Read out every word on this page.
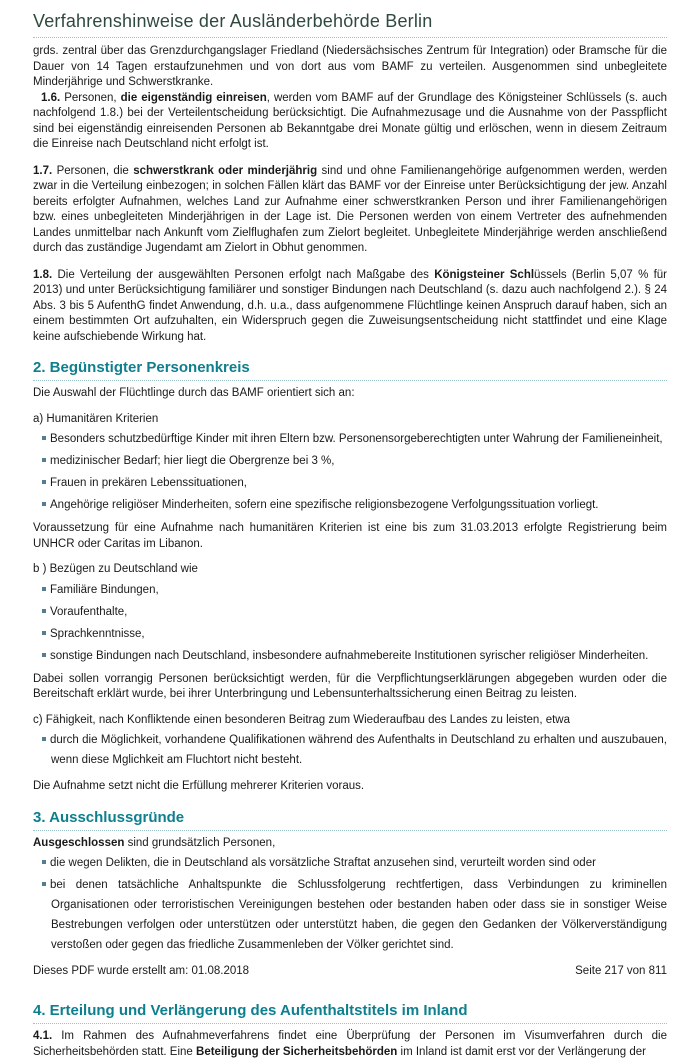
Verfahrenshinweise der Ausländerbehörde Berlin

grds. zentral über das Grenzdurchgangslager Friedland (Niedersächsisches Zentrum für Integration) oder Bramsche für die Dauer von 14 Tagen erstaufzunehmen und von dort aus vom BAMF zu verteilen. Ausgenommen sind unbegleitete Minderjährige und Schwerstkranke.

1.6. Personen, die eigenständig einreisen, werden vom BAMF auf der Grundlage des Königsteiner Schlüssels (s. auch nachfolgend 1.8.) bei der Verteilentscheidung berücksichtigt. Die Aufnahmezusage und die Ausnahme von der Passpflicht sind bei eigenständig einreisenden Personen ab Bekanntgabe drei Monate gültig und erlöschen, wenn in diesem Zeitraum die Einreise nach Deutschland nicht erfolgt ist.

1.7. Personen, die schwerstkrank oder minderjährig sind und ohne Familienangehörige aufgenommen werden, werden zwar in die Verteilung einbezogen; in solchen Fällen klärt das BAMF vor der Einreise unter Berücksichtigung der jew. Anzahl bereits erfolgter Aufnahmen, welches Land zur Aufnahme einer schwerstkranken Person und ihrer Familienangehörigen bzw. eines unbegleiteten Minderjährigen in der Lage ist. Die Personen werden von einem Vertreter des aufnehmenden Landes unmittelbar nach Ankunft vom Zielflughafen zum Zielort begleitet. Unbegleitete Minderjährige werden anschließend durch das zuständige Jugendamt am Zielort in Obhut genommen.

1.8. Die Verteilung der ausgewählten Personen erfolgt nach Maßgabe des Königsteiner Schlüssels (Berlin 5,07 % für 2013) und unter Berücksichtigung familiärer und sonstiger Bindungen nach Deutschland (s. dazu auch nachfolgend 2.). § 24 Abs. 3 bis 5 AufenthG findet Anwendung, d.h. u.a., dass aufgenommene Flüchtlinge keinen Anspruch darauf haben, sich an einem bestimmten Ort aufzuhalten, ein Widerspruch gegen die Zuweisungsentscheidung nicht stattfindet und eine Klage keine aufschiebende Wirkung hat.

2. Begünstigter Personenkreis

Die Auswahl der Flüchtlinge durch das BAMF orientiert sich an:

a) Humanitären Kriterien
Besonders schutzbedürftige Kinder mit ihren Eltern bzw. Personensorgeberechtigten unter Wahrung der Familieneinheit,
medizinischer Bedarf; hier liegt die Obergrenze bei 3 %,
Frauen in prekären Lebenssituationen,
Angehörige religiöser Minderheiten, sofern eine spezifische religionsbezogene Verfolgungssituation vorliegt.

Voraussetzung für eine Aufnahme nach humanitären Kriterien ist eine bis zum 31.03.2013 erfolgte Registrierung beim UNHCR oder Caritas im Libanon.

b ) Bezügen zu Deutschland wie
Familiäre Bindungen,
Voraufenthalte,
Sprachkenntnisse,
sonstige Bindungen nach Deutschland, insbesondere aufnahmebereite Institutionen syrischer religiöser Minderheiten.

Dabei sollen vorrangig Personen berücksichtigt werden, für die Verpflichtungserklärungen abgegeben wurden oder die Bereitschaft erklärt wurde, bei ihrer Unterbringung und Lebensunterhaltssicherung einen Beitrag zu leisten.

c) Fähigkeit, nach Konfliktende einen besonderen Beitrag zum Wiederaufbau des Landes zu leisten, etwa
durch die Möglichkeit, vorhandene Qualifikationen während des Aufenthalts in Deutschland zu erhalten und auszubauen, wenn diese Mglichkeit am Fluchtort nicht besteht.

Die Aufnahme setzt nicht die Erfüllung mehrerer Kriterien voraus.

3. Ausschlussgründe

Ausgeschlossen sind grundsätzlich Personen,

die wegen Delikten, die in Deutschland als vorsätzliche Straftat anzusehen sind, verurteilt worden sind oder
bei denen tatsächliche Anhaltspunkte die Schlussfolgerung rechtfertigen, dass Verbindungen zu kriminellen Organisationen oder terroristischen Vereinigungen bestehen oder bestanden haben oder dass sie in sonstiger Weise Bestrebungen verfolgen oder unterstützen oder unterstützt haben, die gegen den Gedanken der Völkerverständigung verstoßen oder gegen das friedliche Zusammenleben der Völker gerichtet sind.
4. Erteilung und Verlängerung des Aufenthaltstitels im Inland

4.1. Im Rahmen des Aufnahmeverfahrens findet eine Überprüfung der Personen im Visumverfahren durch die Sicherheitsbehörden statt. Eine Beteiligung der Sicherheitsbehörden im Inland ist damit erst vor der Verlängerung der

Dieses PDF wurde erstellt am: 01.08.2018	Seite 217 von 811
